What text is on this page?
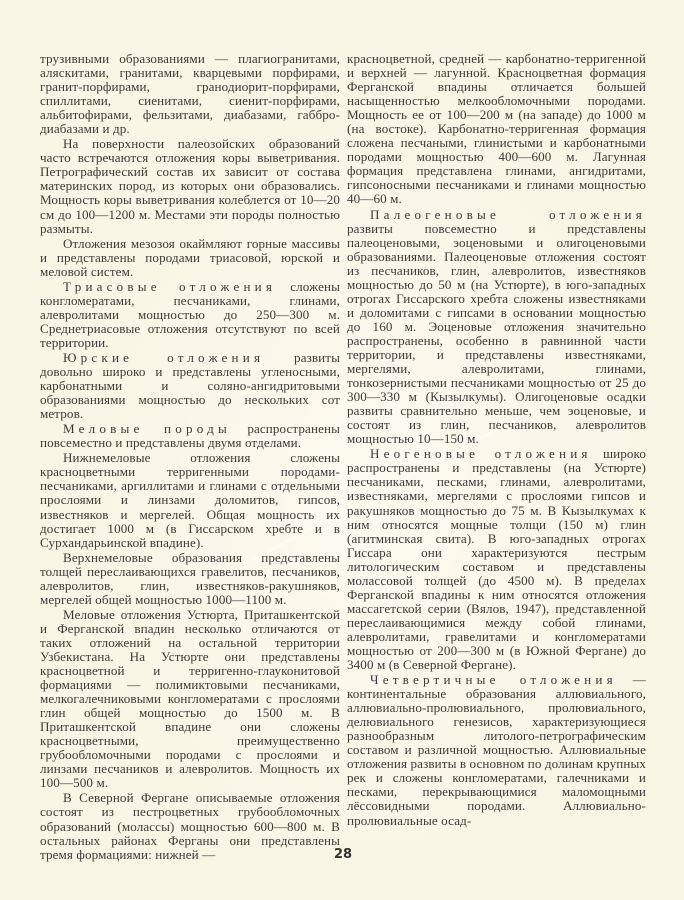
трузивными образованиями — плагиогранитами, аляскитами, гранитами, кварцевыми порфирами, гранит-порфирами, гранодиорит-порфирами, спиллитами, сиенитами, сиенит-порфирами, альбитофирами, фельзитами, диабазами, габбро-диабазами и др.

На поверхности палеозойских образований часто встречаются отложения коры выветривания. Петрографический состав их зависит от состава материнских пород, из которых они образовались. Мощность коры выветривания колеблется от 10—20 см до 100—1200 м. Местами эти породы полностью размыты.

Отложения мезозоя окаймляют горные массивы и представлены породами триасовой, юрской и меловой систем.

Триасовые отложения сложены конгломератами, песчаниками, глинами, алевролитами мощностью до 250—300 м. Среднетриасовые отложения отсутствуют по всей территории.

Юрские отложения развиты довольно широко и представлены угленосными, карбонатными и соляно-ангидритовыми образованиями мощностью до нескольких сот метров.

Меловые породы распространены повсеместно и представлены двумя отделами.

Нижнемеловые отложения сложены красноцветными терригенными породами-песчаниками, аргиллитами и глинами с отдельными прослоями и линзами доломитов, гипсов, известняков и мергелей. Общая мощность их достигает 1000 м (в Гиссарском хребте и в Сурхандарьинской впадине).

Верхнемеловые образования представлены толщей переслаивающихся гравелитов, песчаников, алевролитов, глин, известняков-ракушняков, мергелей общей мощностью 1000—1100 м.

Меловые отложения Устюрта, Приташкентской и Ферганской впадин несколько отличаются от таких отложений на остальной территории Узбекистана. На Устюрте они представлены красноцветной и терригенно-глауконитовой формациями — полимиктовыми песчаниками, мелкогалечниковыми конгломератами с прослоями глин общей мощностью до 1500 м. В Приташкентской впадине они сложены красноцветными, преимущественно грубообломочными породами с прослоями и линзами песчаников и алевролитов. Мощность их 100—500 м.

В Северной Фергане описываемые отложения состоят из пестроцветных грубообломочных образований (молассы) мощностью 600—800 м. В остальных районах Ферганы они представлены тремя формациями: нижней —

красноцветной, средней — карбонатно-терригенной и верхней — лагунной. Красноцветная формация Ферганской впадины отличается большей насыщенностью мелкообломочными породами. Мощность ее от 100—200 м (на западе) до 1000 м (на востоке). Карбонатно-терригенная формация сложена песчаными, глинистыми и карбонатными породами мощностью 400—600 м. Лагунная формация представлена глинами, ангидритами, гипсоносными песчаниками и глинами мощностью 40—60 м.

Палеогеновые отложения развиты повсеместно и представлены палеоценовыми, эоценовыми и олигоценовыми образованиями. Палеоценовые отложения состоят из песчаников, глин, алевролитов, известняков мощностью до 50 м (на Устюрте), в юго-западных отрогах Гиссарского хребта сложены известняками и доломитами с гипсами в основании мощностью до 160 м. Эоценовые отложения значительно распространены, особенно в равнинной части территории, и представлены известняками, мергелями, алевролитами, глинами, тонкозернистыми песчаниками мощностью от 25 до 300—330 м (Кызылкумы). Олигоценовые осадки развиты сравнительно меньше, чем эоценовые, и состоят из глин, песчаников, алевролитов мощностью 10—150 м.

Неогеновые отложения широко распространены и представлены (на Устюрте) песчаниками, песками, глинами, алевролитами, известняками, мергелями с прослоями гипсов и ракушняков мощностью до 75 м. В Кызылкумах к ним относятся мощные толщи (150 м) глин (агитминская свита). В юго-западных отрогах Гиссара они характеризуются пестрым литологическим составом и представлены молассовой толщей (до 4500 м). В пределах Ферганской впадины к ним относятся отложения массагетской серии (Вялов, 1947), представленной переслаивающимися между собой глинами, алевролитами, гравелитами и конгломератами мощностью от 200—300 м (в Южной Фергане) до 3400 м (в Северной Фергане).

Четвертичные отложения — континентальные образования аллювиального, аллювиально-пролювиального, пролювиального, делювиального генезисов, характеризующиеся разнообразным литолого-петрографическим составом и различной мощностью. Аллювиальные отложения развиты в основном по долинам крупных рек и сложены конгломератами, галечниками и песками, перекрывающимися маломощными лёссовидными породами. Аллювиально-пролювиальные осад-

28
